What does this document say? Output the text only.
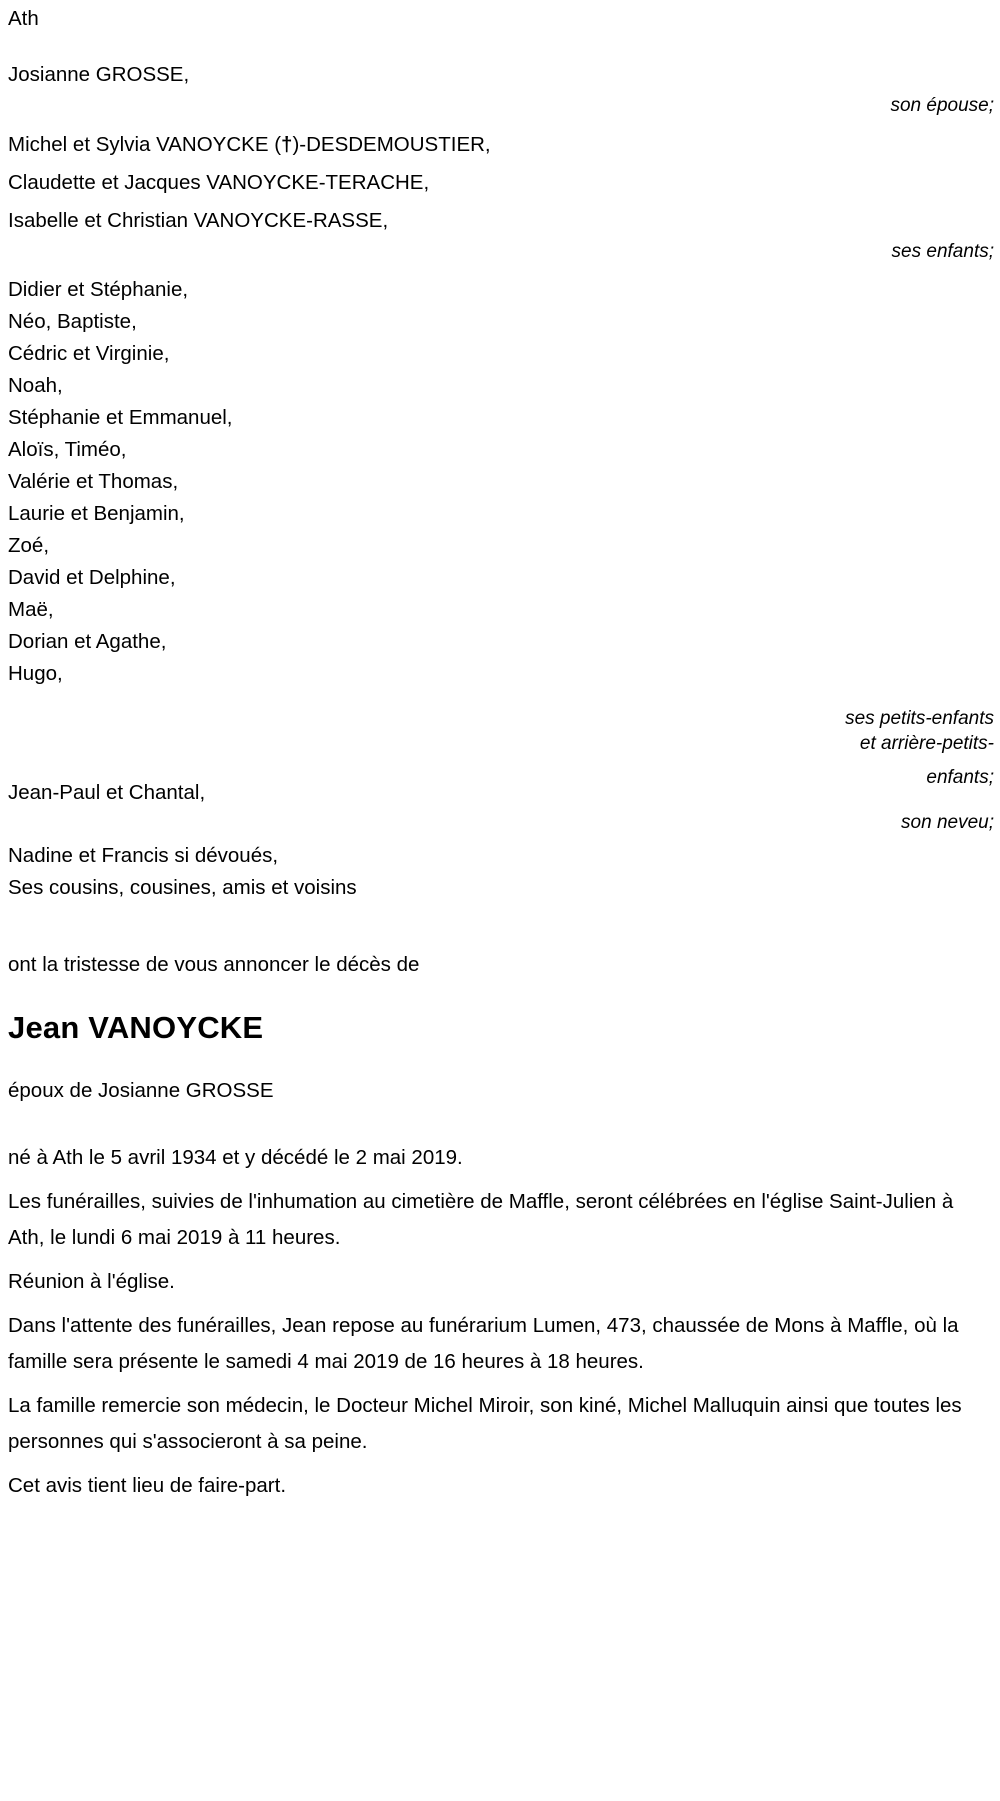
Ath
Josianne GROSSE,
son épouse;
Michel et Sylvia VANOYCKE (†)-DESDEMOUSTIER,
Claudette et Jacques VANOYCKE-TERACHE,
Isabelle et Christian VANOYCKE-RASSE,
ses enfants;
Didier et Stéphanie,
Néo, Baptiste,
Cédric et Virginie,
Noah,
Stéphanie et Emmanuel,
Aloïs, Timéo,
Valérie et Thomas,
Laurie et Benjamin,
Zoé,
David et Delphine,
Maë,
Dorian et Agathe,
Hugo,
ses petits-enfants
et arrière-petits-
enfants;
Jean-Paul et Chantal,
son neveu;
Nadine et Francis si dévoués,
Ses cousins, cousines, amis et voisins
ont la tristesse de vous annoncer le décès de
Jean VANOYCKE
époux de Josianne GROSSE
né à Ath le 5 avril 1934 et y décédé le 2 mai 2019.
Les funérailles, suivies de l'inhumation au cimetière de Maffle, seront célébrées en l'église Saint-Julien à Ath, le lundi 6 mai 2019 à 11 heures.
Réunion à l'église.
Dans l'attente des funérailles, Jean repose au funérarium Lumen, 473, chaussée de Mons à Maffle, où la famille sera présente le samedi 4 mai 2019 de 16 heures à 18 heures.
La famille remercie son médecin, le Docteur Michel Miroir, son kiné, Michel Malluquin ainsi que toutes les personnes qui s'associeront à sa peine.
Cet avis tient lieu de faire-part.
